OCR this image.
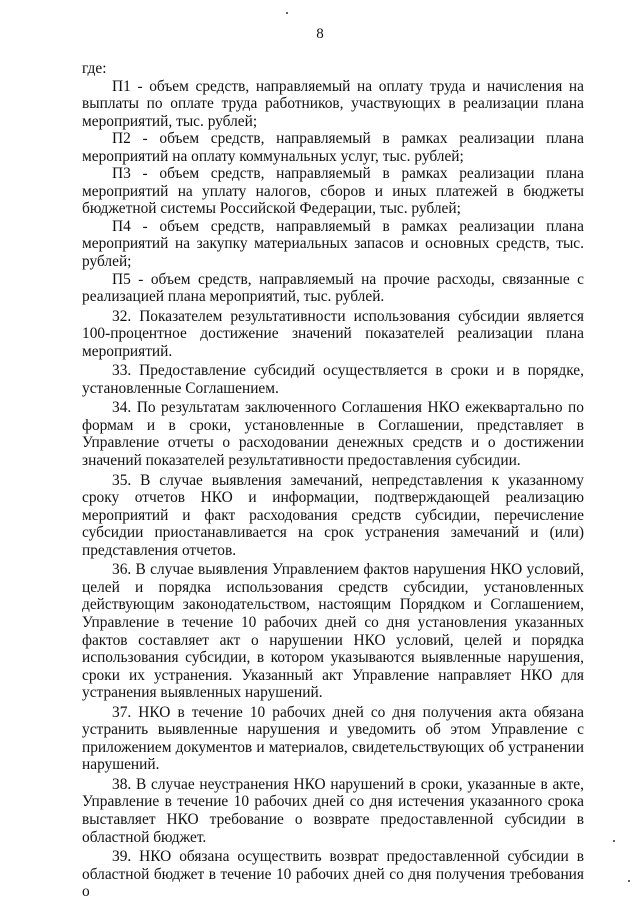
8

где:

П1 - объем средств, направляемый на оплату труда и начисления на выплаты по оплате труда работников, участвующих в реализации плана мероприятий, тыс. рублей;

П2 - объем средств, направляемый в рамках реализации плана мероприятий на оплату коммунальных услуг, тыс. рублей;

П3 - объем средств, направляемый в рамках реализации плана мероприятий на уплату налогов, сборов и иных платежей в бюджеты бюджетной системы Российской Федерации, тыс. рублей;

П4 - объем средств, направляемый в рамках реализации плана мероприятий на закупку материальных запасов и основных средств, тыс. рублей;

П5 - объем средств, направляемый на прочие расходы, связанные с реализацией плана мероприятий, тыс. рублей.

32. Показателем результативности использования субсидии является 100-процентное достижение значений показателей реализации плана мероприятий.

33. Предоставление субсидий осуществляется в сроки и в порядке, установленные Соглашением.

34. По результатам заключенного Соглашения НКО ежеквартально по формам и в сроки, установленные в Соглашении, представляет в Управление отчеты о расходовании денежных средств и о достижении значений показателей результативности предоставления субсидии.

35. В случае выявления замечаний, непредставления к указанному сроку отчетов НКО и информации, подтверждающей реализацию мероприятий и факт расходования средств субсидии, перечисление субсидии приостанавливается на срок устранения замечаний и (или) представления отчетов.

36. В случае выявления Управлением фактов нарушения НКО условий, целей и порядка использования средств субсидии, установленных действующим законодательством, настоящим Порядком и Соглашением, Управление в течение 10 рабочих дней со дня установления указанных фактов составляет акт о нарушении НКО условий, целей и порядка использования субсидии, в котором указываются выявленные нарушения, сроки их устранения. Указанный акт Управление направляет НКО для устранения выявленных нарушений.

37. НКО в течение 10 рабочих дней со дня получения акта обязана устранить выявленные нарушения и уведомить об этом Управление с приложением документов и материалов, свидетельствующих об устранении нарушений.

38. В случае неустранения НКО нарушений в сроки, указанные в акте, Управление в течение 10 рабочих дней со дня истечения указанного срока выставляет НКО требование о возврате предоставленной субсидии в областной бюджет.

39. НКО обязана осуществить возврат предоставленной субсидии в областной бюджет в течение 10 рабочих дней со дня получения требования о
